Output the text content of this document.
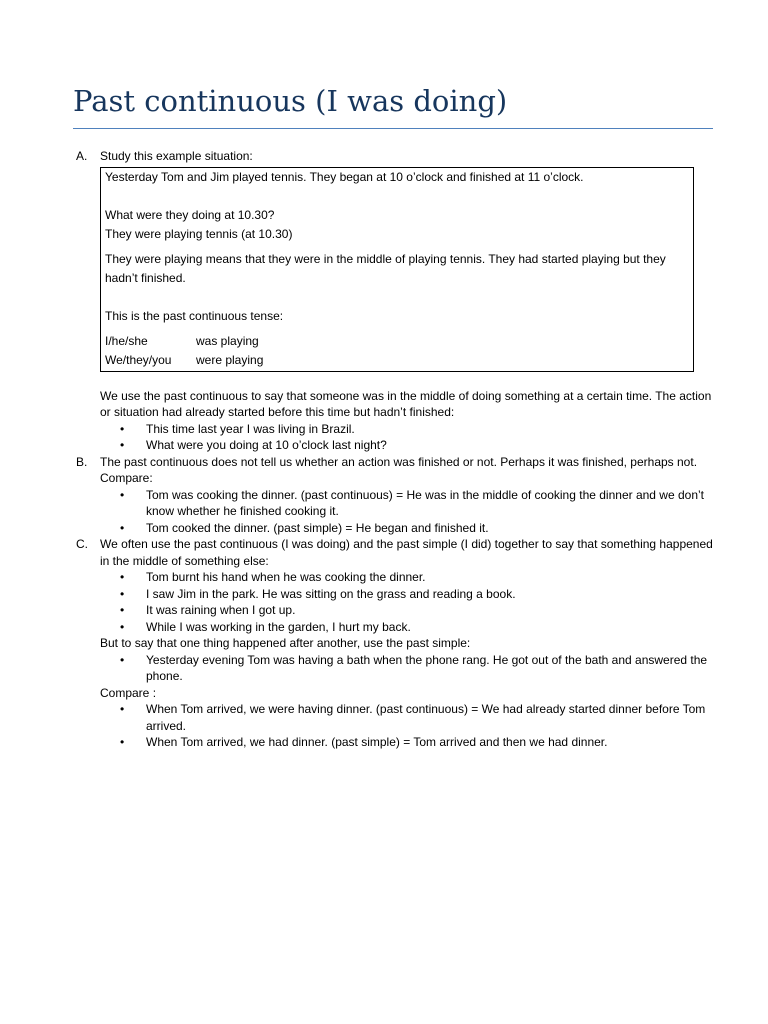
Past continuous (I was doing)
A. Study this example situation:

Yesterday Tom and Jim played tennis. They began at 10 o’clock and finished at 11 o’clock.

What were they doing at 10.30?

They were playing tennis (at 10.30)

They were playing means that they were in the middle of playing tennis. They had started playing but they hadn’t finished.

This is the past continuous tense:

I/he/she	was playing
We/they/you	were playing

We use the past continuous to say that someone was in the middle of doing something at a certain time. The action or situation had already started before this time but hadn’t finished:

• This time last year I was living in Brazil.
• What were you doing at 10 o’clock last night?
B. The past continuous does not tell us whether an action was finished or not. Perhaps it was finished, perhaps not. Compare:
• Tom was cooking the dinner. (past continuous) = He was in the middle of cooking the dinner and we don’t know whether he finished cooking it.
• Tom cooked the dinner. (past simple) = He began and finished it.
C. We often use the past continuous (I was doing) and the past simple (I did) together to say that something happened in the middle of something else:
• Tom burnt his hand when he was cooking the dinner.
• I saw Jim in the park. He was sitting on the grass and reading a book.
• It was raining when I got up.
• While I was working in the garden, I hurt my back.
But to say that one thing happened after another, use the past simple:
• Yesterday evening Tom was having a bath when the phone rang. He got out of the bath and answered the phone.
Compare :
• When Tom arrived, we were having dinner. (past continuous) = We had already started dinner before Tom arrived.
• When Tom arrived, we had dinner. (past simple) = Tom arrived and then we had dinner.
